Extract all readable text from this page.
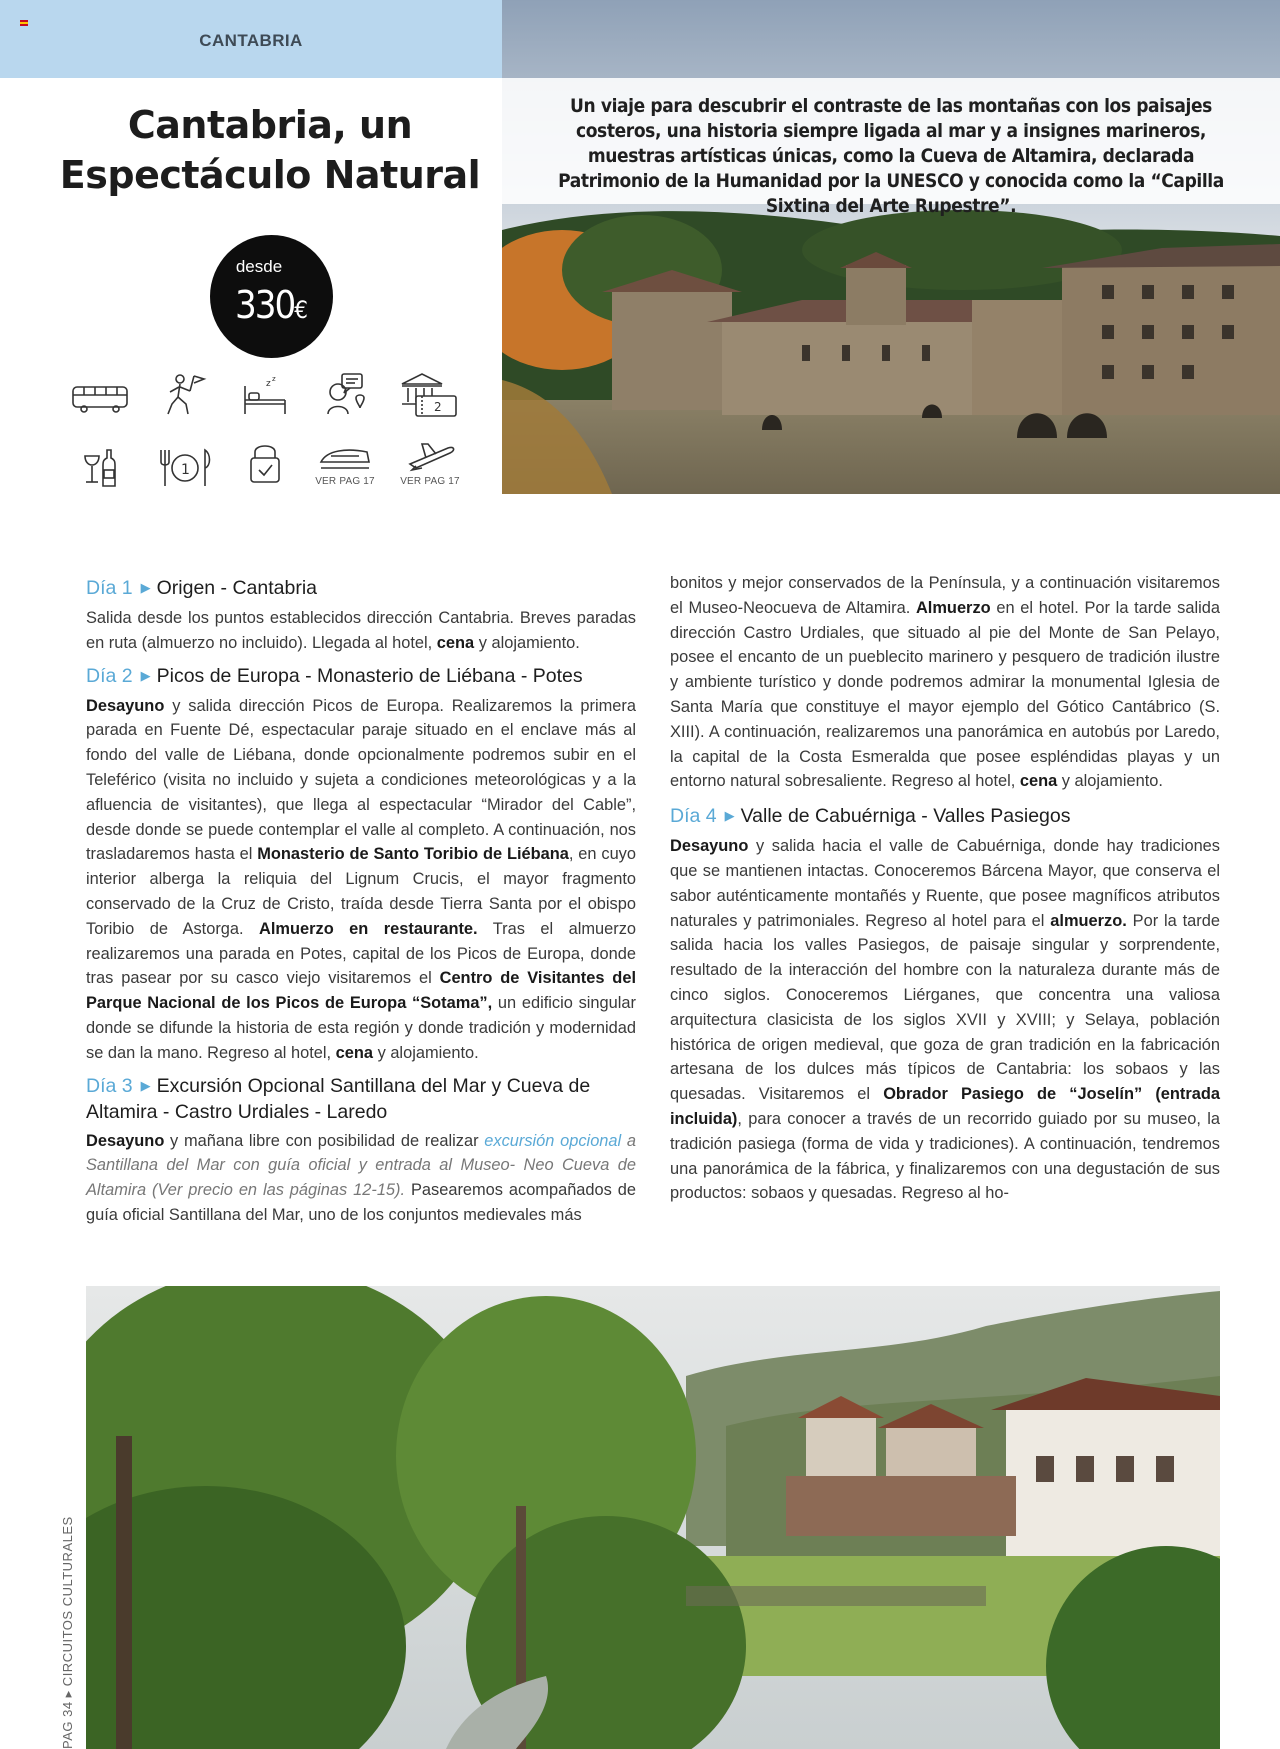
CANTABRIA
Cantabria, un
Espectáculo Natural
desde
330€
z z
2
1
VER PAG 17	VER PAG 17

Un viaje para descubrir el contraste de las montañas con los paisajes costeros, una historia siempre ligada al mar y a insignes marineros, muestras artísticas únicas, como la Cueva de Altamira, declarada Patrimonio de la Humanidad por la UNESCO y conocida como la “Capilla Sixtina del Arte Rupestre”.

Día 1 ▶ Origen - Cantabria

Salida desde los puntos establecidos dirección Cantabria. Breves paradas en ruta (almuerzo no incluido). Llegada al hotel, cena y alojamiento.

Día 2 ▶ Picos de Europa - Monasterio de Liébana - Potes

Desayuno y salida dirección Picos de Europa. Realizaremos la primera parada en Fuente Dé, espectacular paraje situado en el enclave más al fondo del valle de Liébana, donde opcionalmente podremos subir en el Teleférico (visita no incluido y sujeta a condiciones meteorológicas y a la afluencia de visitantes), que llega al espectacular “Mirador del Cable”, desde donde se puede contemplar el valle al completo. A continuación, nos trasladaremos hasta el Monasterio de Santo Toribio de Liébana, en cuyo interior alberga la reliquia del Lignum Crucis, el mayor fragmento conservado de la Cruz de Cristo, traída desde Tierra Santa por el obispo Toribio de Astorga. Almuerzo en restaurante. Tras el almuerzo realizaremos una parada en Potes, capital de los Picos de Europa, donde tras pasear por su casco viejo visitaremos el Centro de Visitantes del Parque Nacional de los Picos de Europa “Sotama”, un edificio singular donde se difunde la historia de esta región y donde tradición y modernidad se dan la mano. Regreso al hotel, cena y alojamiento.

Día 3 ▶ Excursión Opcional Santillana del Mar y Cueva de Altamira - Castro Urdiales - Laredo

Desayuno y mañana libre con posibilidad de realizar excursión opcional a Santillana del Mar con guía oficial y entrada al Museo- Neo Cueva de Altamira (Ver precio en las páginas 12-15). Pasearemos acompañados de guía oficial Santillana del Mar, uno de los conjuntos medievales más

bonitos y mejor conservados de la Península, y a continuación visitaremos el Museo-Neocueva de Altamira. Almuerzo en el hotel. Por la tarde salida dirección Castro Urdiales, que situado al pie del Monte de San Pelayo, posee el encanto de un pueblecito marinero y pesquero de tradición ilustre y ambiente turístico y donde podremos admirar la monumental Iglesia de Santa María que constituye el mayor ejemplo del Gótico Cantábrico (S. XIII). A continuación, realizaremos una panorámica en autobús por Laredo, la capital de la Costa Esmeralda que posee espléndidas playas y un entorno natural sobresaliente. Regreso al hotel, cena y alojamiento.

Día 4 ▶ Valle de Cabuérniga - Valles Pasiegos

Desayuno y salida hacia el valle de Cabuérniga, donde hay tradiciones que se mantienen intactas. Conoceremos Bárcena Mayor, que conserva el sabor auténticamente montañés y Ruente, que posee magníficos atributos naturales y patrimoniales. Regreso al hotel para el almuerzo. Por la tarde salida hacia los valles Pasiegos, de paisaje singular y sorprendente, resultado de la interacción del hombre con la naturaleza durante más de cinco siglos. Conoceremos Liérganes, que concentra una valiosa arquitectura clasicista de los siglos XVII y XVIII; y Selaya, población histórica de origen medieval, que goza de gran tradición en la fabricación artesana de los dulces más típicos de Cantabria: los sobaos y las quesadas. Visitaremos el Obrador Pasiego de “Joselín” (entrada incluida), para conocer a través de un recorrido guiado por su museo, la tradición pasiega (forma de vida y tradiciones). A continuación, tendremos una panorámica de la fábrica, y finalizaremos con una degustación de sus productos: sobaos y quesadas. Regreso al ho-

PAG 34 ▸ CIRCUITOS CULTURALES
